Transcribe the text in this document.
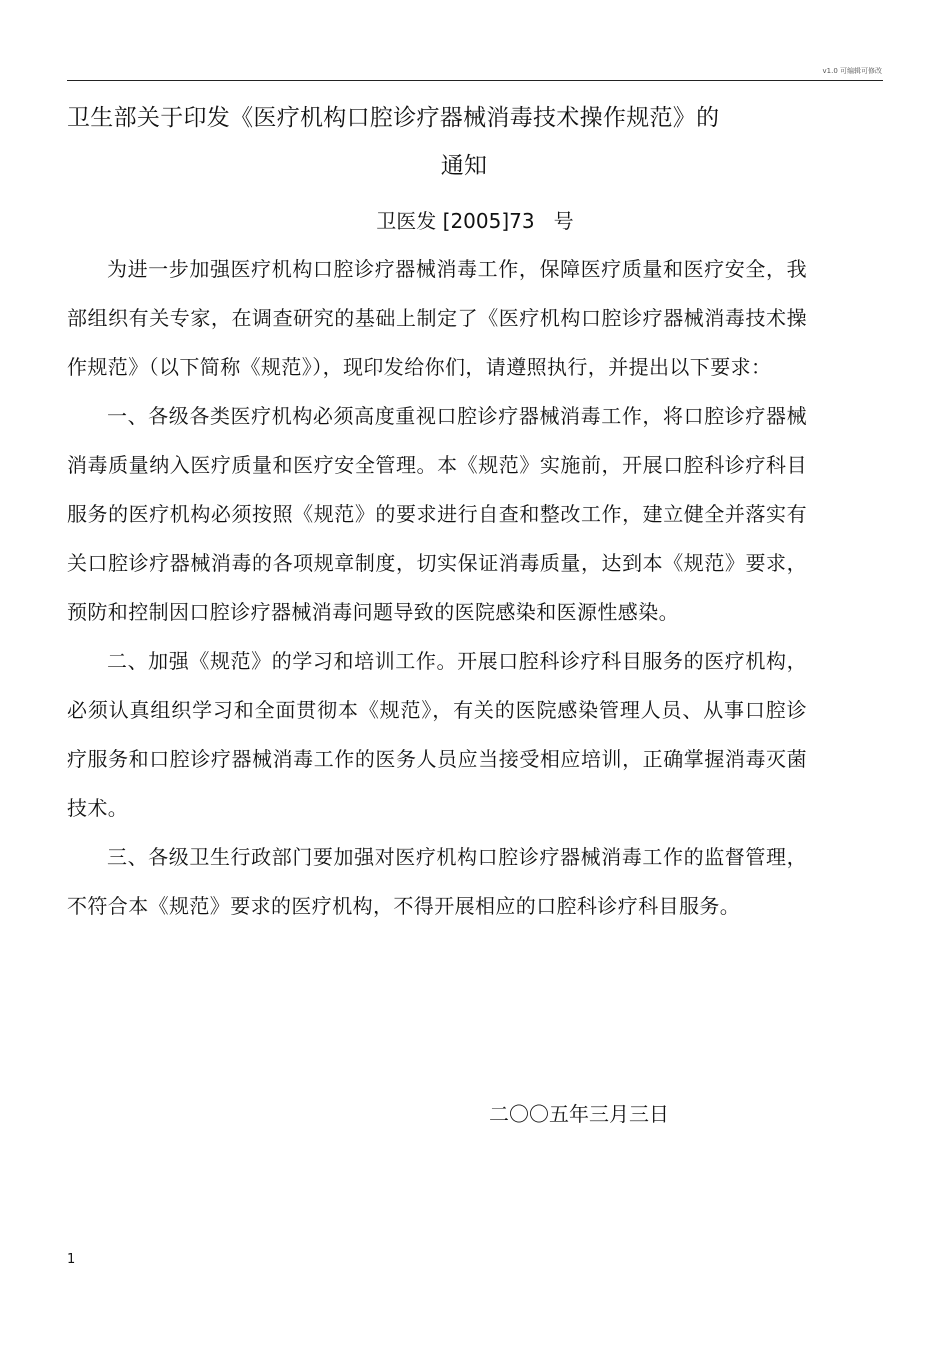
v1.0 可编辑可修改
卫生部关于印发《医疗机构口腔诊疗器械消毒技术操作规范》的
通知
卫医发 [2005]73   号

为进一步加强医疗机构口腔诊疗器械消毒工作，保障医疗质量和医疗安全，我部组织有关专家，在调查研究的基础上制定了《医疗机构口腔诊疗器械消毒技术操作规范》（以下简称《规范》），现印发给你们，请遵照执行，并提出以下要求：

一、各级各类医疗机构必须高度重视口腔诊疗器械消毒工作，将口腔诊疗器械消毒质量纳入医疗质量和医疗安全管理。本《规范》实施前，开展口腔科诊疗科目服务的医疗机构必须按照《规范》的要求进行自查和整改工作，建立健全并落实有关口腔诊疗器械消毒的各项规章制度，切实保证消毒质量，达到本《规范》要求，预防和控制因口腔诊疗器械消毒问题导致的医院感染和医源性感染。

二、加强《规范》的学习和培训工作。开展口腔科诊疗科目服务的医疗机构，必须认真组织学习和全面贯彻本《规范》，有关的医院感染管理人员、从事口腔诊疗服务和口腔诊疗器械消毒工作的医务人员应当接受相应培训，正确掌握消毒灭菌技术。

三、各级卫生行政部门要加强对医疗机构口腔诊疗器械消毒工作的监督管理，不符合本《规范》要求的医疗机构，不得开展相应的口腔科诊疗科目服务。

二〇〇五年三月三日
1
